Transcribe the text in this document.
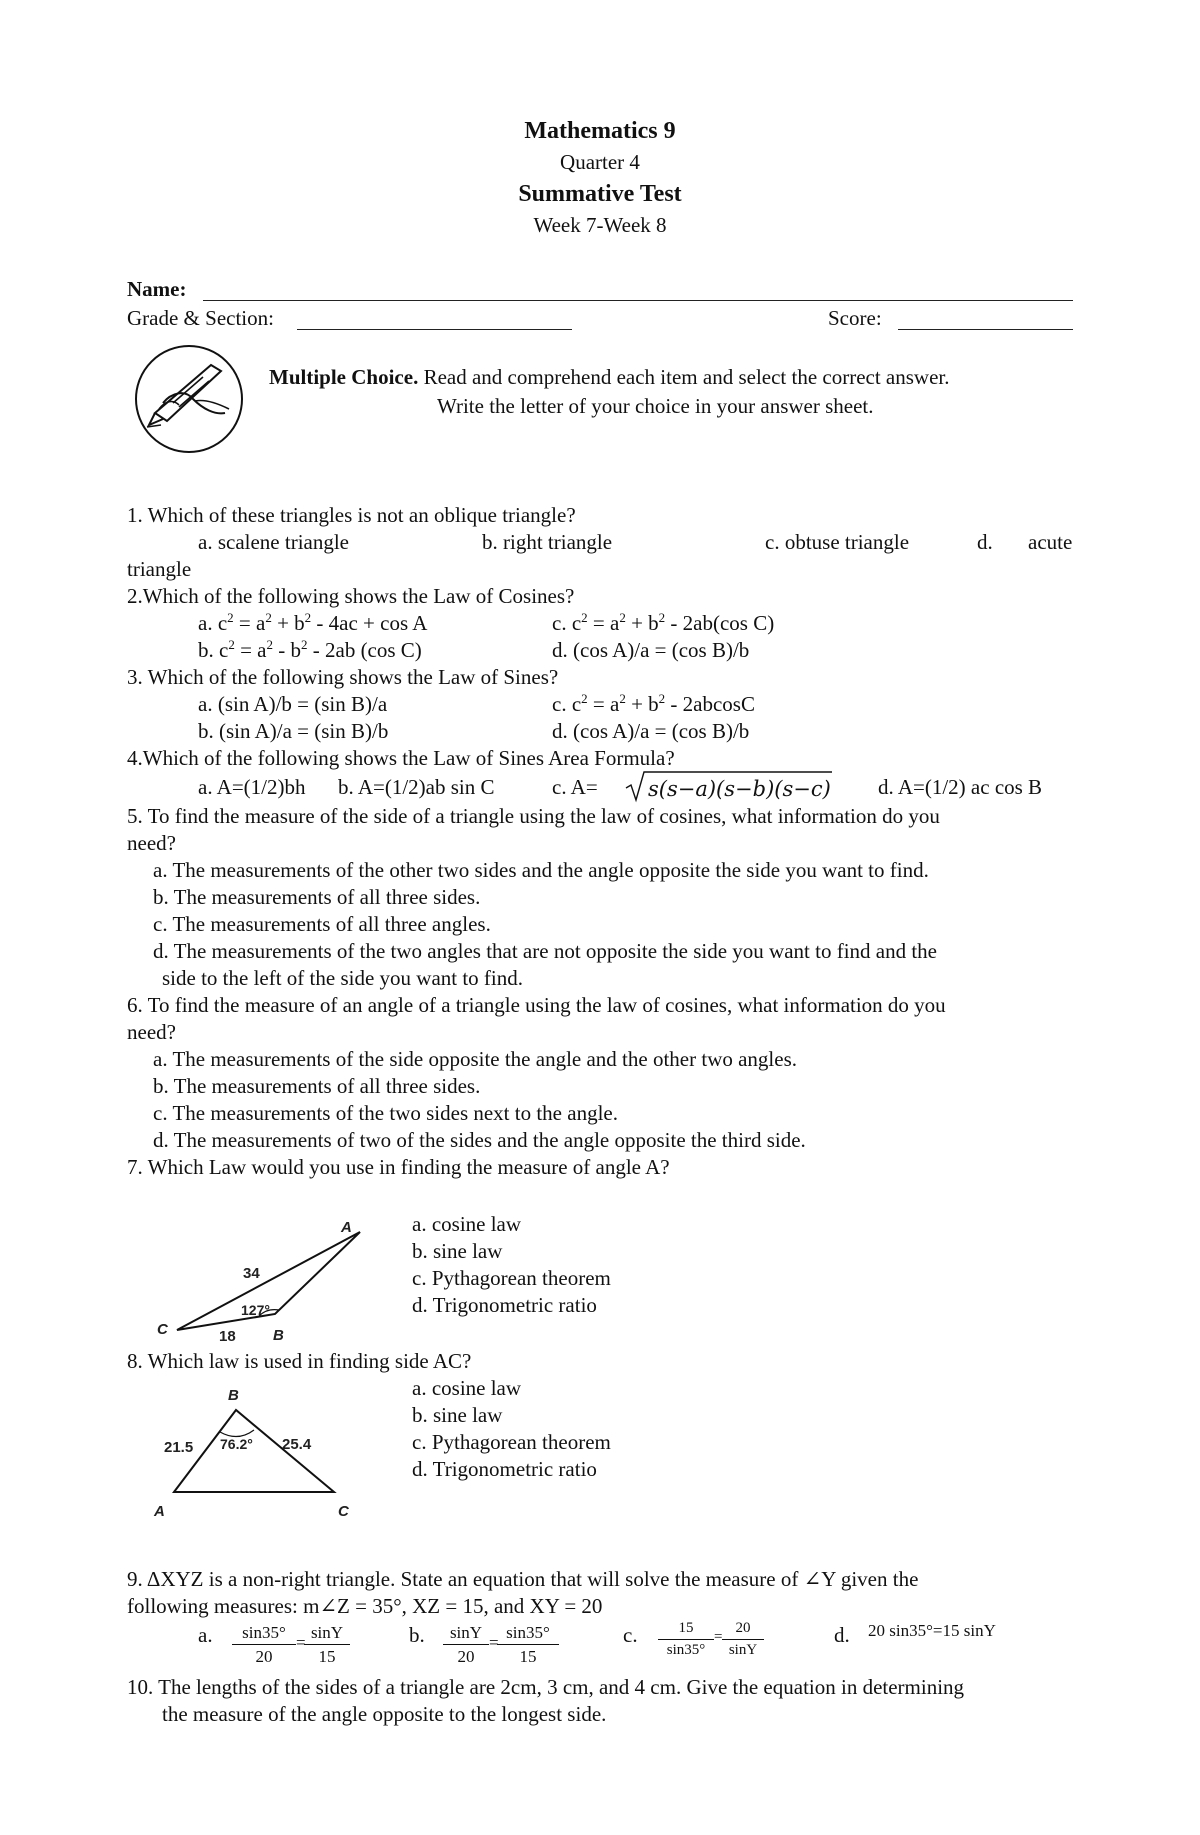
Mathematics 9
Quarter 4
Summative Test
Week 7-Week 8
Name:
Grade & Section:	Score:
Multiple Choice. Read and comprehend each item and select the correct answer.
Write the letter of your choice in your answer sheet.
1. Which of these triangles is not an oblique triangle?
a. scalene triangle	b. right triangle	c. obtuse triangle	d. acute
triangle
2.Which of the following shows the Law of Cosines?
a. $c^2 = a^2 + b^2 - 4ac + \cos A$	c. $c^2 = a^2 + b^2 - 2ab(\cos$ C)
b. $c^2 = a^2 - b^2 - 2ab$ (cos C)	d. (cos A)/a = (cos B)/b
3. Which of the following shows the Law of Sines?
a. (sin A)/b = (sin B)/a	c. $c^2 = a^2 + b^2 - 2abcosC$
b. (sin A)/a = (sin B)/b	d. (cos A)/a = (cos B)/b
4.Which of the following shows the Law of Sines Area Formula?
a. A=(1/2)bh b. A=(1/2)ab sin C	c. A= s(s−a)(s−b)(s−c) d. A=(1/2) ac cos B
5. To find the measure of the side of a triangle using the law of cosines, what information do you
need?
a. The measurements of the other two sides and the angle opposite the side you want to find.
b. The measurements of all three sides.
c. The measurements of all three angles.
d. The measurements of the two angles that are not opposite the side you want to find and the
side to the left of the side you want to find.
6. To find the measure of an angle of a triangle using the law of cosines, what information do you
need?
a. The measurements of the side opposite the angle and the other two angles.
b. The measurements of all three sides.
c. The measurements of the two sides next to the angle.
d. The measurements of two of the sides and the angle opposite the third side.
7. Which Law would you use in finding the measure of angle A?
C	B
A
34
18
127°
a. cosine law
b. sine law
c. Pythagorean theorem
d. Trigonometric ratio
8. Which law is used in finding side AC?
B
A	C
21.5	25.4
76.2°
a. cosine law
b. sine law
c. Pythagorean theorem
d. Trigonometric ratio
9. ΔXYZ is a non-right triangle. State an equation that will solve the measure of ∠Y given the
following measures: m∠Z = 35°, XZ = 15, and XY = 20
a. $\frac{\sin 35^\circ}{20}$ =
$\frac{\sin Y}{15}$	b. $\frac{\sin Y}{20}$ =
$\frac{\sin 35^\circ}{15}$	c. $\frac{15}{\sin 35^\circ} = \frac{20}{\sin Y}$	d. 20 sin35°=15 sinY
10. The lengths of the sides of a triangle are 2cm, 3 cm, and 4 cm. Give the equation in determining
the measure of the angle opposite to the longest side.
